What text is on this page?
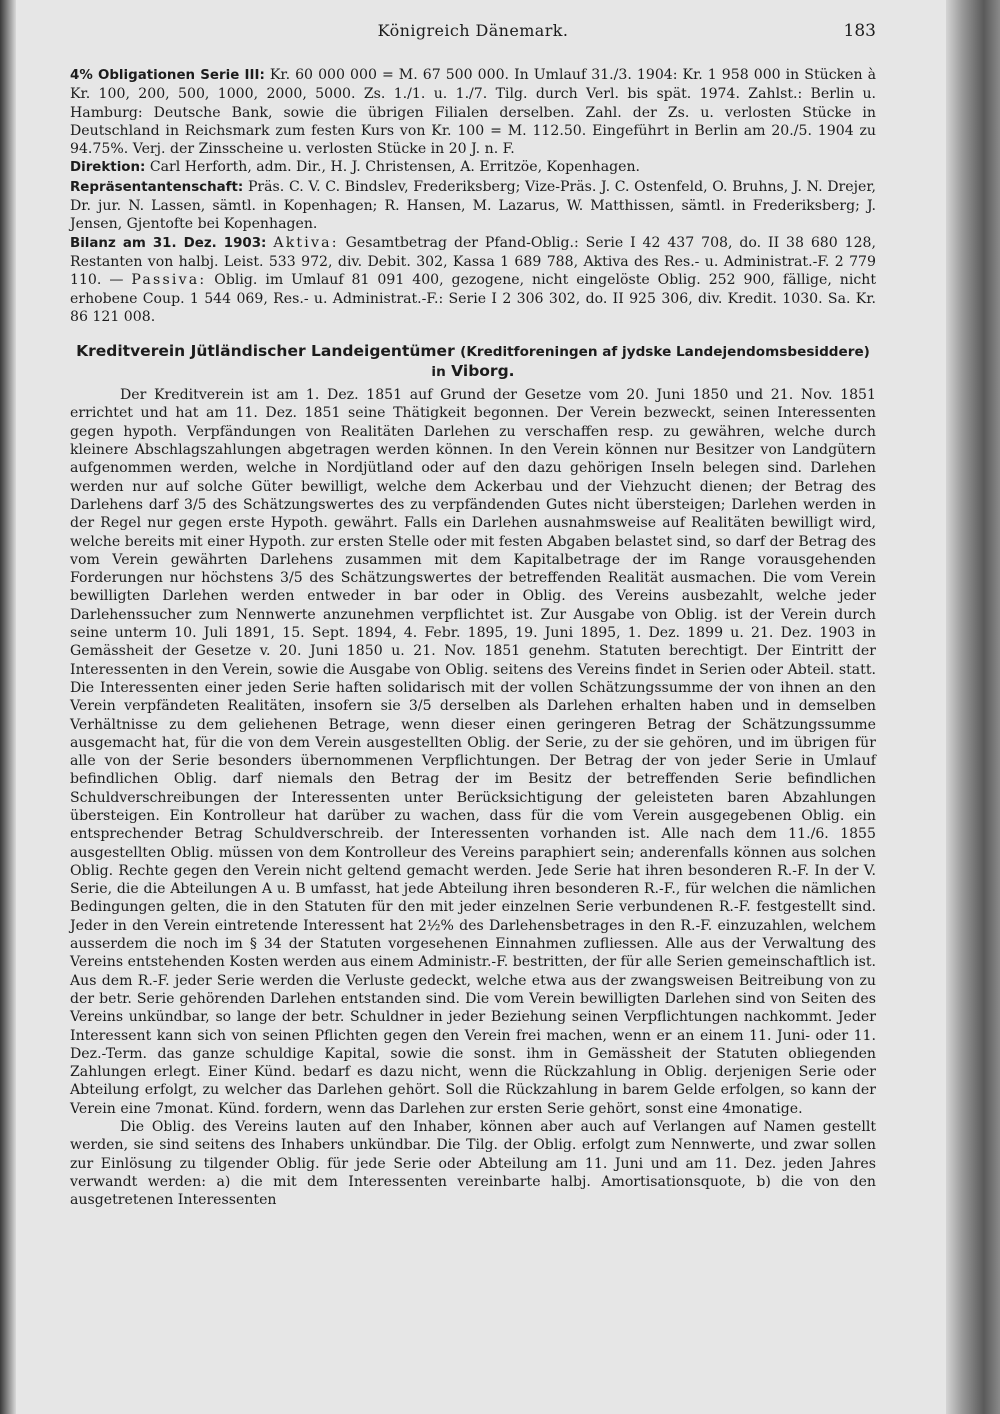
Königreich Dänemark.	183

4% Obligationen Serie III: Kr. 60 000 000 = M. 67 500 000. In Umlauf 31./3. 1904: Kr. 1 958 000 in Stücken à Kr. 100, 200, 500, 1000, 2000, 5000. Zs. 1./1. u. 1./7. Tilg. durch Verl. bis spät. 1974. Zahlst.: Berlin u. Hamburg: Deutsche Bank, sowie die übrigen Filialen derselben. Zahl. der Zs. u. verlosten Stücke in Deutschland in Reichsmark zum festen Kurs von Kr. 100 = M. 112.50. Eingeführt in Berlin am 20./5. 1904 zu 94.75%. Verj. der Zinsscheine u. verlosten Stücke in 20 J. n. F.

Direktion: Carl Herforth, adm. Dir., H. J. Christensen, A. Erritzöe, Kopenhagen.

Repräsentantenschaft: Präs. C. V. C. Bindslev, Frederiksberg; Vize-Präs. J. C. Ostenfeld, O. Bruhns, J. N. Drejer, Dr. jur. N. Lassen, sämtl. in Kopenhagen; R. Hansen, M. Lazarus, W. Matthissen, sämtl. in Frederiksberg; J. Jensen, Gjentofte bei Kopenhagen.

Bilanz am 31. Dez. 1903: Aktiva: Gesamtbetrag der Pfand-Oblig.: Serie I 42 437 708, do. II 38 680 128, Restanten von halbj. Leist. 533 972, div. Debit. 302, Kassa 1 689 788, Aktiva des Res.- u. Administrat.-F. 2 779 110. — Passiva: Oblig. im Umlauf 81 091 400, gezogene, nicht eingelöste Oblig. 252 900, fällige, nicht erhobene Coup. 1 544 069, Res.- u. Administrat.-F.: Serie I 2 306 302, do. II 925 306, div. Kredit. 1030. Sa. Kr. 86 121 008.

Kreditverein Jütländischer Landeigentümer (Kreditforeningen af jydske Landejendomsbesiddere) in Viborg.

Der Kreditverein ist am 1. Dez. 1851 auf Grund der Gesetze vom 20. Juni 1850 und 21. Nov. 1851 errichtet und hat am 11. Dez. 1851 seine Thätigkeit begonnen. Der Verein bezweckt, seinen Interessenten gegen hypoth. Verpfändungen von Realitäten Darlehen zu verschaffen resp. zu gewähren, welche durch kleinere Abschlagszahlungen abgetragen werden können. In den Verein können nur Besitzer von Landgütern aufgenommen werden, welche in Nordjütland oder auf den dazu gehörigen Inseln belegen sind. Darlehen werden nur auf solche Güter bewilligt, welche dem Ackerbau und der Viehzucht dienen; der Betrag des Darlehens darf 3/5 des Schätzungswertes des zu verpfändenden Gutes nicht übersteigen; Darlehen werden in der Regel nur gegen erste Hypoth. gewährt. Falls ein Darlehen ausnahmsweise auf Realitäten bewilligt wird, welche bereits mit einer Hypoth. zur ersten Stelle oder mit festen Abgaben belastet sind, so darf der Betrag des vom Verein gewährten Darlehens zusammen mit dem Kapitalbetrage der im Range vorausgehenden Forderungen nur höchstens 3/5 des Schätzungswertes der betreffenden Realität ausmachen. Die vom Verein bewilligten Darlehen werden entweder in bar oder in Oblig. des Vereins ausbezahlt, welche jeder Darlehenssucher zum Nennwerte anzunehmen verpflichtet ist. Zur Ausgabe von Oblig. ist der Verein durch seine unterm 10. Juli 1891, 15. Sept. 1894, 4. Febr. 1895, 19. Juni 1895, 1. Dez. 1899 u. 21. Dez. 1903 in Gemässheit der Gesetze v. 20. Juni 1850 u. 21. Nov. 1851 genehm. Statuten berechtigt. Der Eintritt der Interessenten in den Verein, sowie die Ausgabe von Oblig. seitens des Vereins findet in Serien oder Abteil. statt. Die Interessenten einer jeden Serie haften solidarisch mit der vollen Schätzungssumme der von ihnen an den Verein verpfändeten Realitäten, insofern sie 3/5 derselben als Darlehen erhalten haben und in demselben Verhältnisse zu dem geliehenen Betrage, wenn dieser einen geringeren Betrag der Schätzungssumme ausgemacht hat, für die von dem Verein ausgestellten Oblig. der Serie, zu der sie gehören, und im übrigen für alle von der Serie besonders übernommenen Verpflichtungen. Der Betrag der von jeder Serie in Umlauf befindlichen Oblig. darf niemals den Betrag der im Besitz der betreffenden Serie befindlichen Schuldverschreibungen der Interessenten unter Berücksichtigung der geleisteten baren Abzahlungen übersteigen. Ein Kontrolleur hat darüber zu wachen, dass für die vom Verein ausgegebenen Oblig. ein entsprechender Betrag Schuldverschreib. der Interessenten vorhanden ist. Alle nach dem 11./6. 1855 ausgestellten Oblig. müssen von dem Kontrolleur des Vereins paraphiert sein; anderenfalls können aus solchen Oblig. Rechte gegen den Verein nicht geltend gemacht werden. Jede Serie hat ihren besonderen R.-F. In der V. Serie, die die Abteilungen A u. B umfasst, hat jede Abteilung ihren besonderen R.-F., für welchen die nämlichen Bedingungen gelten, die in den Statuten für den mit jeder einzelnen Serie verbundenen R.-F. festgestellt sind. Jeder in den Verein eintretende Interessent hat 2½% des Darlehensbetrages in den R.-F. einzuzahlen, welchem ausserdem die noch im § 34 der Statuten vorgesehenen Einnahmen zufliessen. Alle aus der Verwaltung des Vereins entstehenden Kosten werden aus einem Administr.-F. bestritten, der für alle Serien gemeinschaftlich ist. Aus dem R.-F. jeder Serie werden die Verluste gedeckt, welche etwa aus der zwangsweisen Beitreibung von zu der betr. Serie gehörenden Darlehen entstanden sind. Die vom Verein bewilligten Darlehen sind von Seiten des Vereins unkündbar, so lange der betr. Schuldner in jeder Beziehung seinen Verpflichtungen nachkommt. Jeder Interessent kann sich von seinen Pflichten gegen den Verein frei machen, wenn er an einem 11. Juni- oder 11. Dez.-Term. das ganze schuldige Kapital, sowie die sonst. ihm in Gemässheit der Statuten obliegenden Zahlungen erlegt. Einer Künd. bedarf es dazu nicht, wenn die Rückzahlung in Oblig. derjenigen Serie oder Abteilung erfolgt, zu welcher das Darlehen gehört. Soll die Rückzahlung in barem Gelde erfolgen, so kann der Verein eine 7monat. Künd. fordern, wenn das Darlehen zur ersten Serie gehört, sonst eine 4monatige.

Die Oblig. des Vereins lauten auf den Inhaber, können aber auch auf Verlangen auf Namen gestellt werden, sie sind seitens des Inhabers unkündbar. Die Tilg. der Oblig. erfolgt zum Nennwerte, und zwar sollen zur Einlösung zu tilgender Oblig. für jede Serie oder Abteilung am 11. Juni und am 11. Dez. jeden Jahres verwandt werden: a) die mit dem Interessenten vereinbarte halbj. Amortisationsquote, b) die von den ausgetretenen Interessenten
